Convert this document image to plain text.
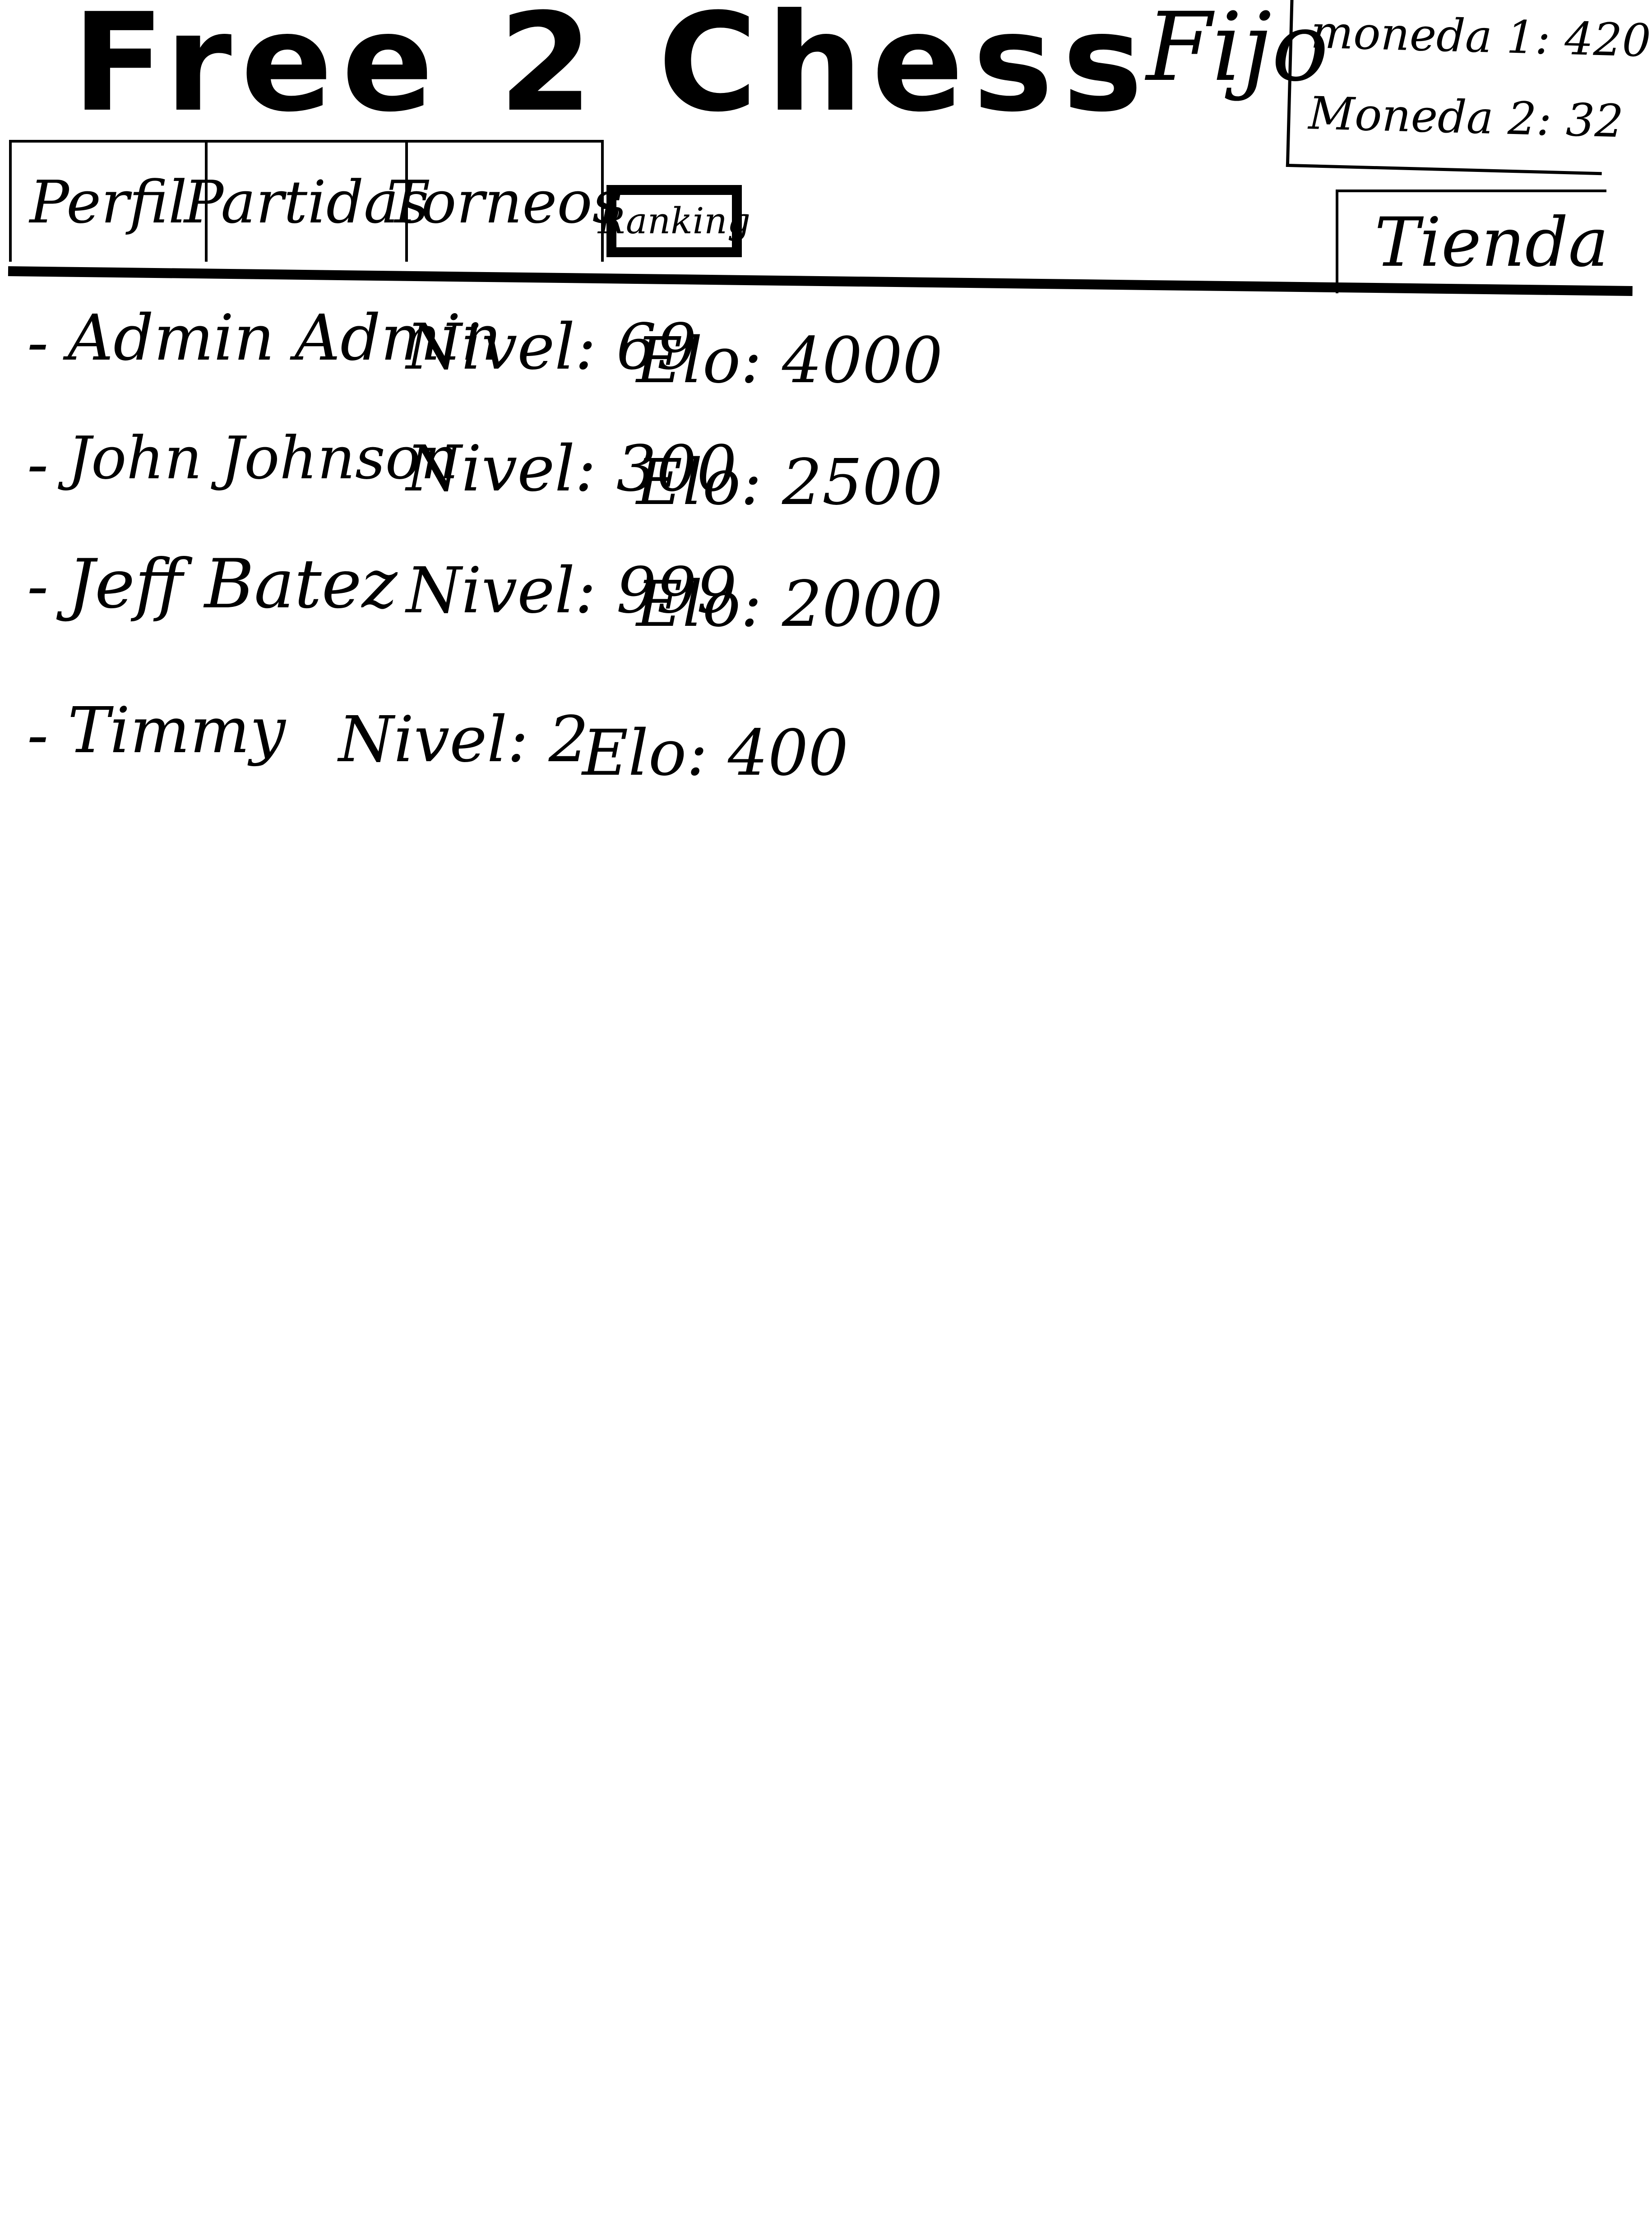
Free 2 Chess
Fijo
moneda 1: 420
Moneda 2: 32
Perfil
Partidas
Torneos
Ranking	Tienda
- Admin Admin
Nivel: 69
Elo: 4000
- John Johnson
Nivel: 300
Elo: 2500
- Jeff Batez Nivel: 999
Elo: 2000
- Timmy Nivel: 2
Elo: 400
